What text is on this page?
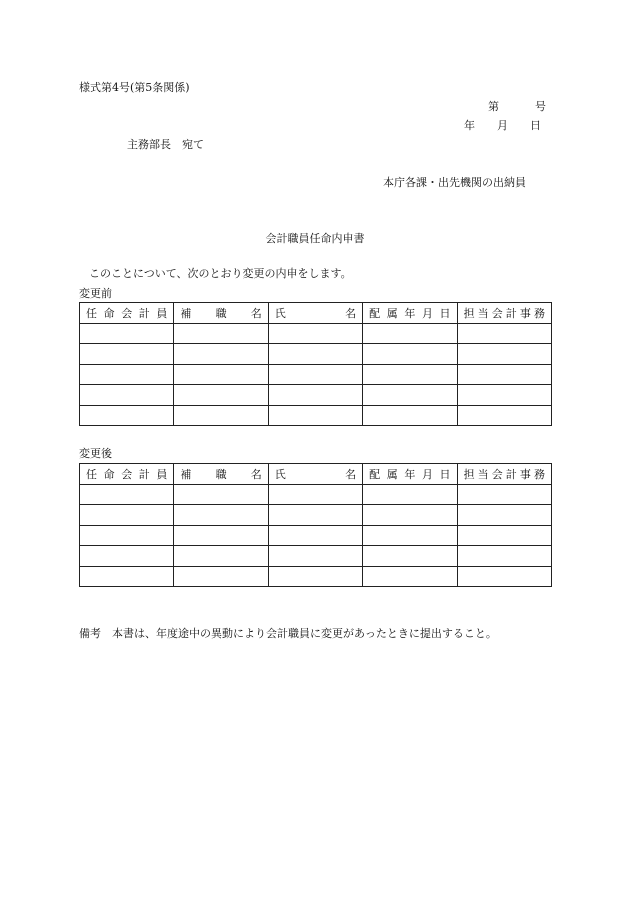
様式第4号(第5条関係)
第	号
年 月 日
主務部長　宛て
本庁各課・出先機関の出納員
会計職員任命内申書
このことについて、次のとおり変更の内申をします。
変更前
任命会計員	補職名	氏名	配属年月日	担当会計事務

変更後
任命会計員	補職名	氏名	配属年月日	担当会計事務

備考　本書は、年度途中の異動により会計職員に変更があったときに提出すること。
